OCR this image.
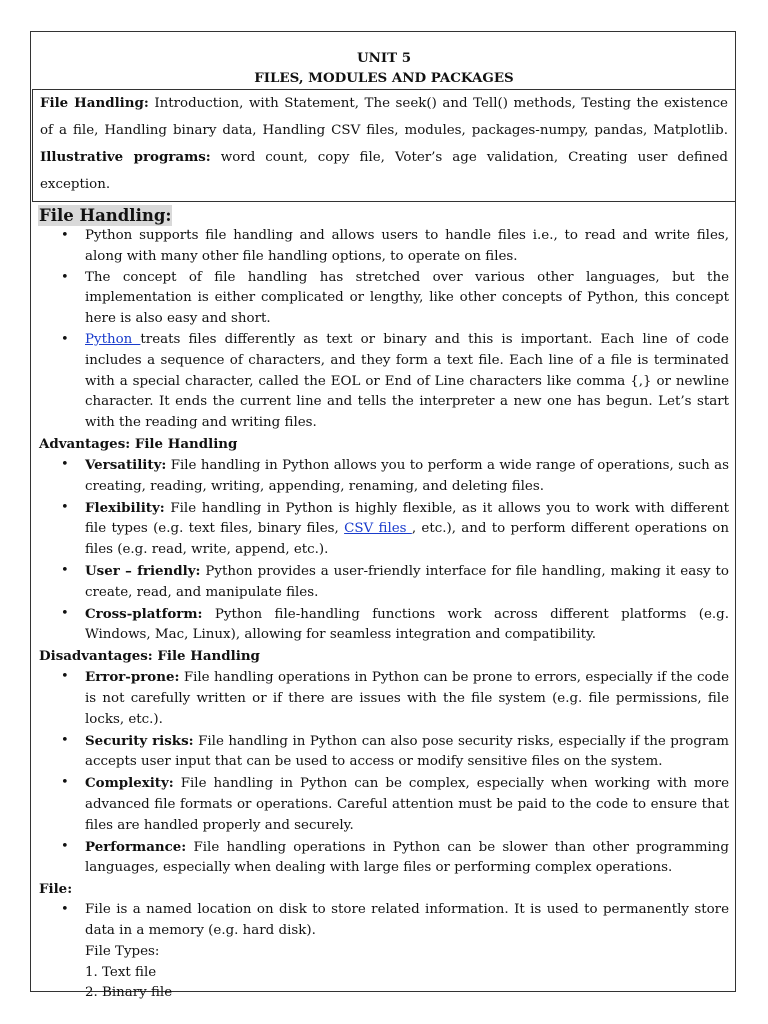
UNIT 5
FILES, MODULES AND PACKAGES
File Handling: Introduction, with Statement, The seek() and Tell() methods, Testing the existence of a file, Handling binary data, Handling CSV files, modules, packages-numpy, pandas, Matplotlib. Illustrative programs: word count, copy file, Voter’s age validation, Creating user defined exception.
File Handling:
• Python supports file handling and allows users to handle files i.e., to read and write files, along with many other file handling options, to operate on files.
• The concept of file handling has stretched over various other languages, but the implementation is either complicated or lengthy, like other concepts of Python, this concept here is also easy and short.
• Python treats files differently as text or binary and this is important. Each line of code includes a sequence of characters, and they form a text file. Each line of a file is terminated with a special character, called the EOL or End of Line characters like comma {,} or newline character. It ends the current line and tells the interpreter a new one has begun. Let’s start with the reading and writing files.
Advantages: File Handling
• Versatility: File handling in Python allows you to perform a wide range of operations, such as creating, reading, writing, appending, renaming, and deleting files.
• Flexibility: File handling in Python is highly flexible, as it allows you to work with different file types (e.g. text files, binary files, CSV files , etc.), and to perform different operations on files (e.g. read, write, append, etc.).
• User – friendly: Python provides a user-friendly interface for file handling, making it easy to create, read, and manipulate files.
• Cross-platform: Python file-handling functions work across different platforms (e.g. Windows, Mac, Linux), allowing for seamless integration and compatibility.
Disadvantages: File Handling
• Error-prone: File handling operations in Python can be prone to errors, especially if the code is not carefully written or if there are issues with the file system (e.g. file permissions, file locks, etc.).
• Security risks: File handling in Python can also pose security risks, especially if the program accepts user input that can be used to access or modify sensitive files on the system.
• Complexity: File handling in Python can be complex, especially when working with more advanced file formats or operations. Careful attention must be paid to the code to ensure that files are handled properly and securely.
• Performance: File handling operations in Python can be slower than other programming languages, especially when dealing with large files or performing complex operations.
File:
• File is a named location on disk to store related information. It is used to permanently store data in a memory (e.g. hard disk).
File Types:
1. Text file
2. Binary file
